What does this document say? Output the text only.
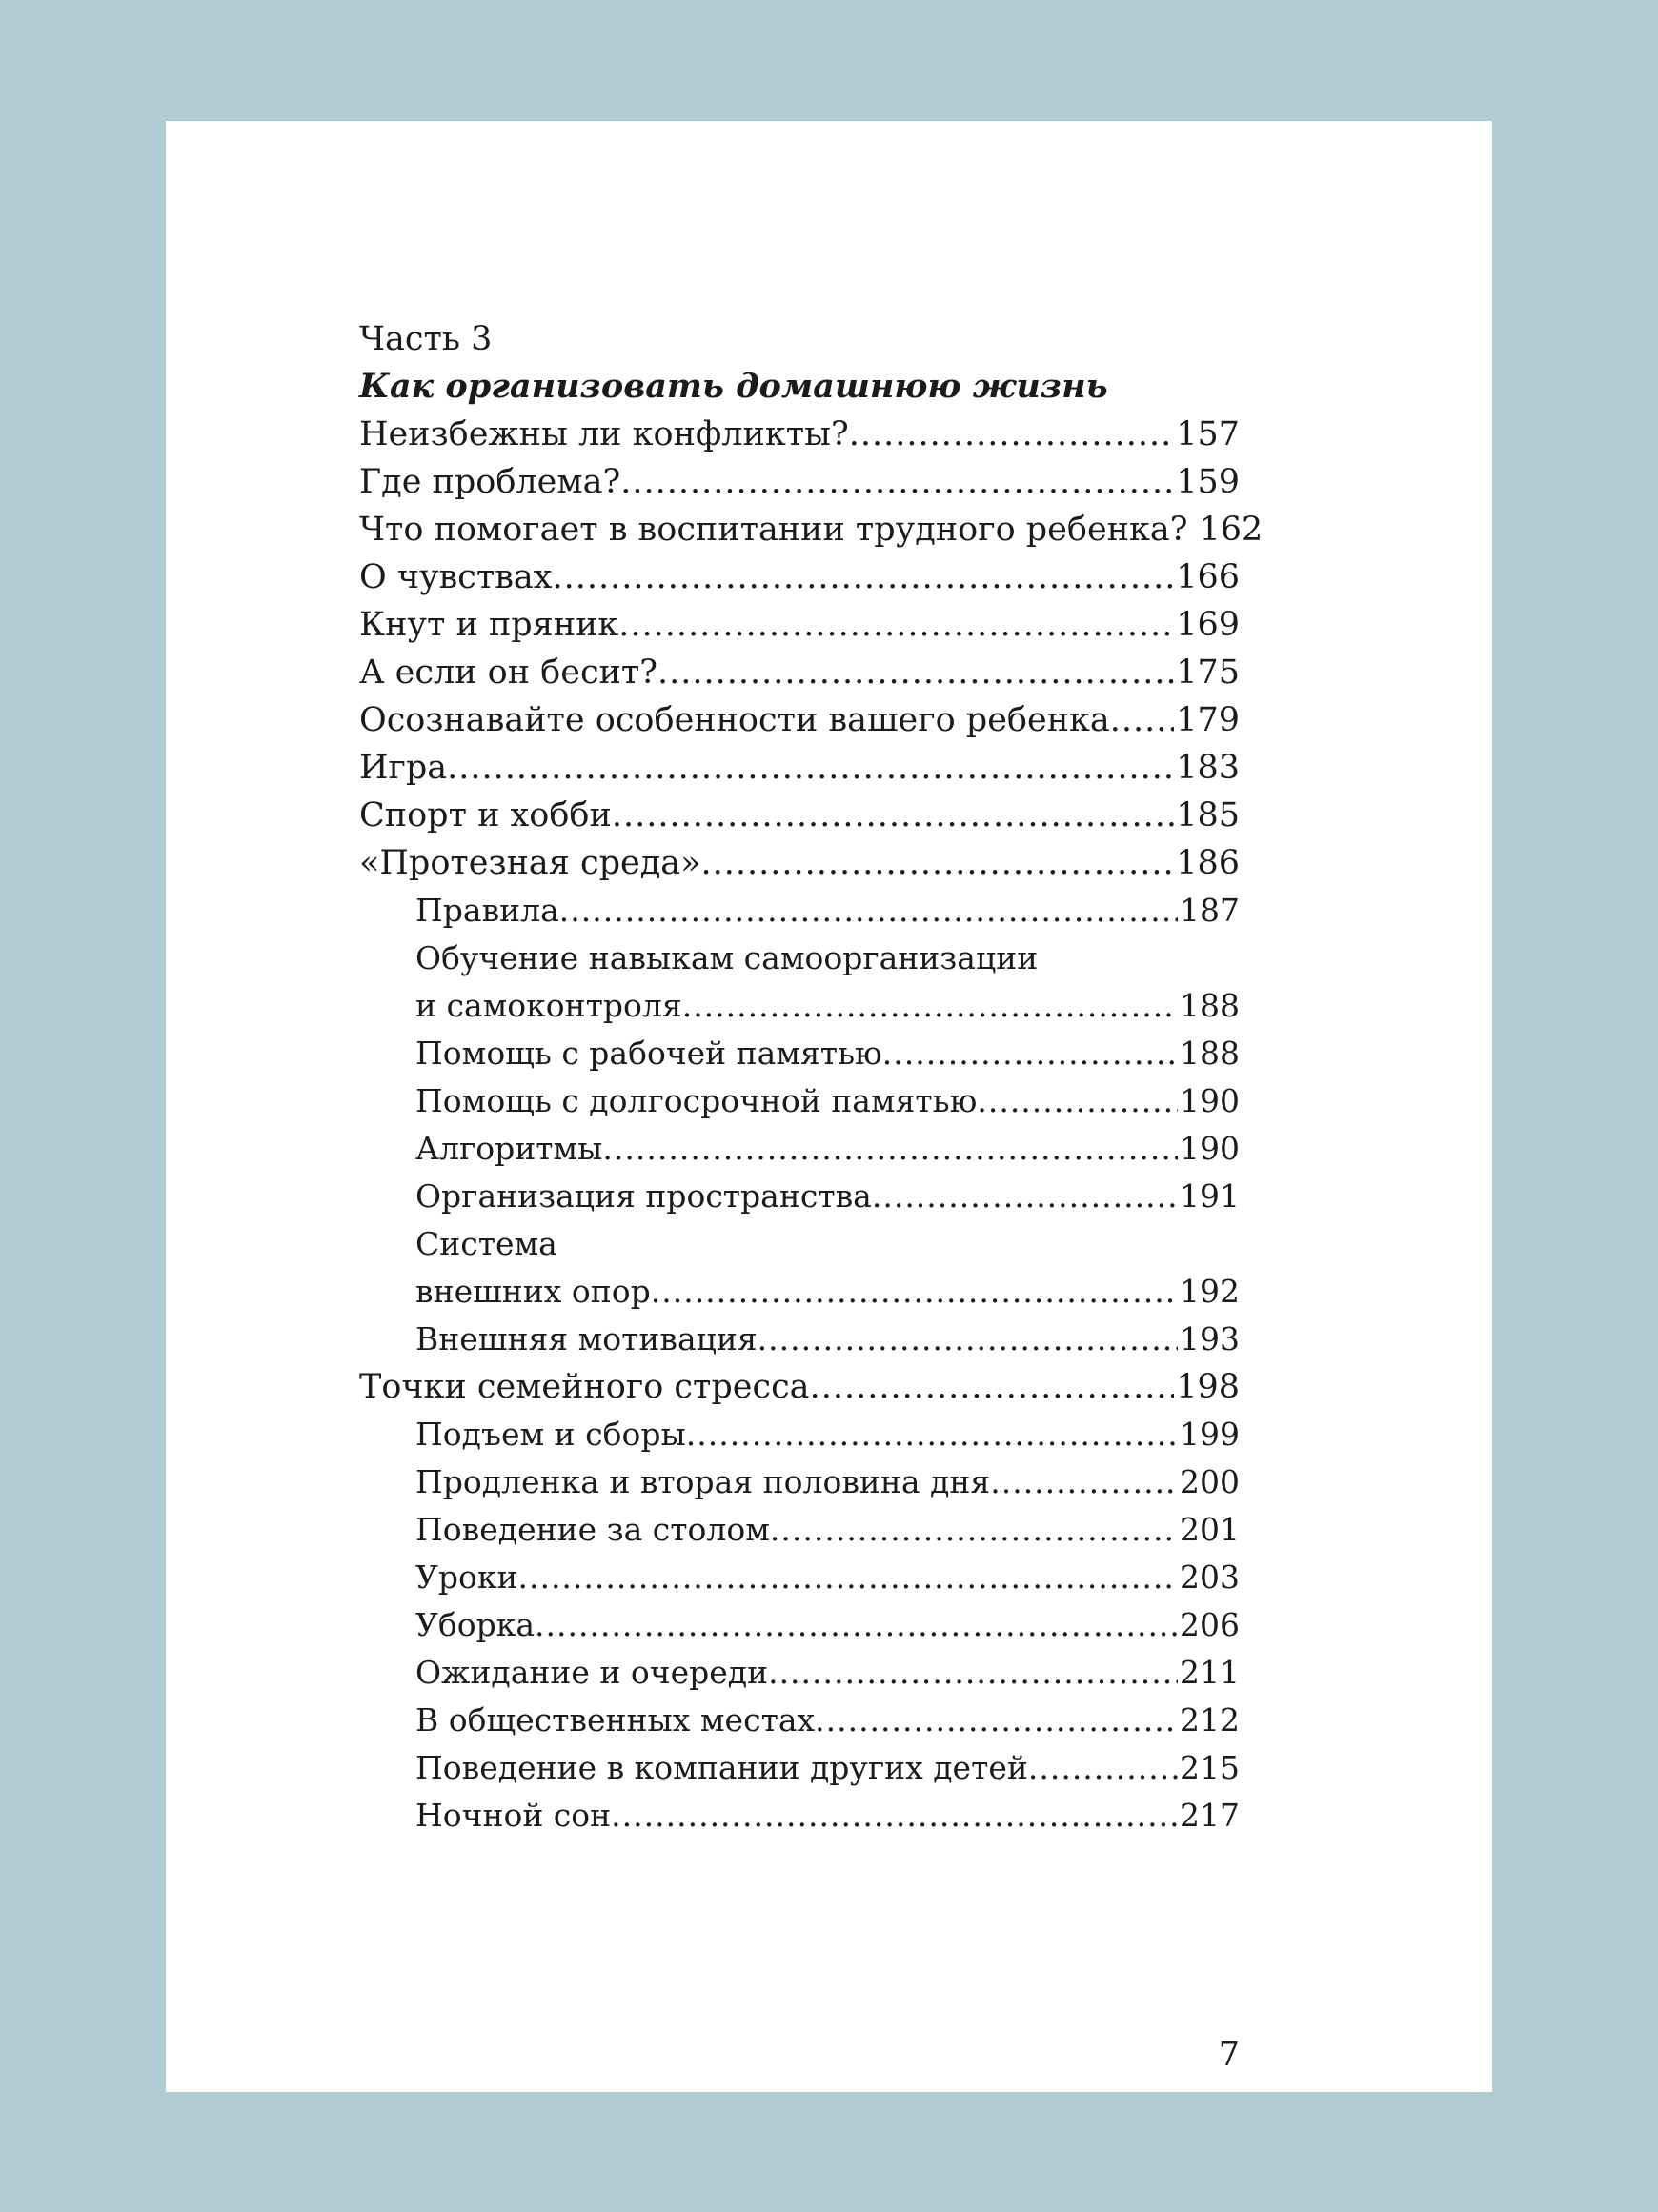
Часть 3
Как организовать домашнюю жизнь
Неизбежны ли конфликты? .....	157
Где проблема? .....	159
Что помогает в воспитании трудного ребенка? 162
О чувствах .....	166
Кнут и пряник .....	169
А если он бесит? .....	175
Осознавайте особенности вашего ребенка ..... 179
Игра .....	183
Спорт и хобби .....	185
«Протезная среда» .....	186
Правила .....	187
Обучение навыкам самоорганизации
и самоконтроля .....	188
Помощь с рабочей памятью .....	188
Помощь с долгосрочной памятью .....	190
Алгоритмы .....	190
Организация пространства .....	191
Система
внешних опор .....	192
Внешняя мотивация .....	193
Точки семейного стресса .....	198
Подъем и сборы .....	199
Продленка и вторая половина дня .....	200
Поведение за столом .....	201
Уроки .....	203
Уборка .....	206
Ожидание и очереди .....	211
В общественных местах .....	212
Поведение в компании других детей .....	215
Ночной сон .....	217
7
